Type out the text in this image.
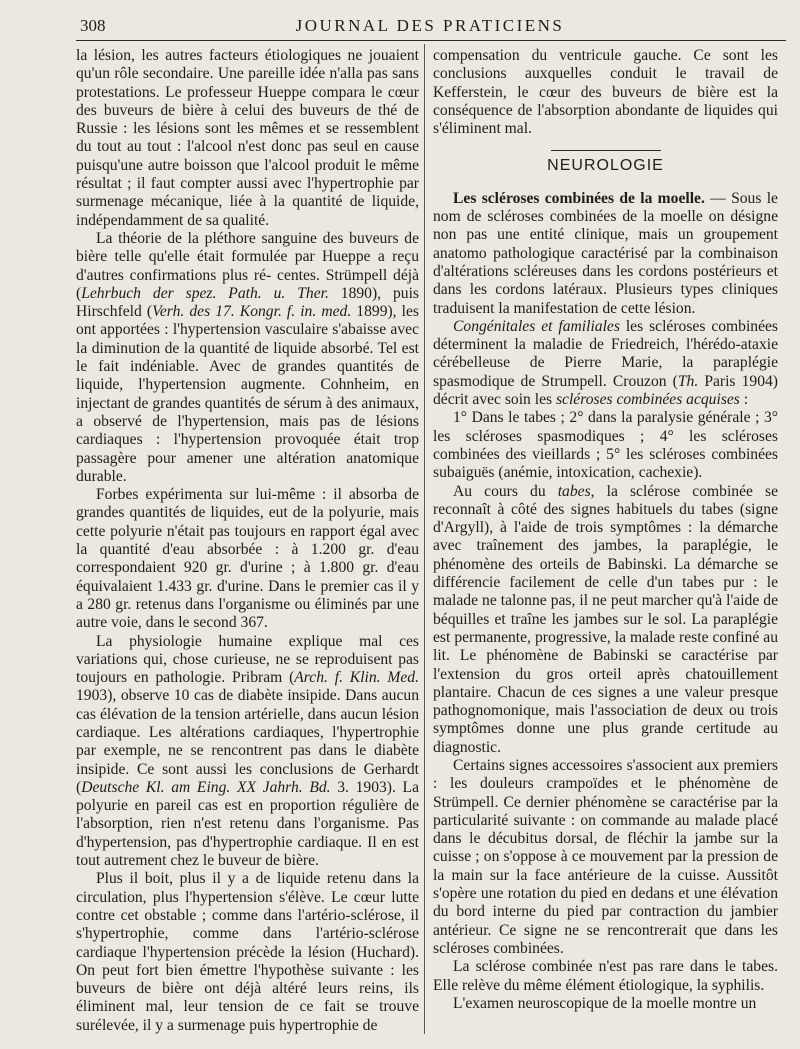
308	JOURNAL DES PRATICIENS

la lésion, les autres facteurs étiologiques ne jouaient qu'un rôle secondaire. Une pareille idée n'alla pas sans protestations. Le professeur Hueppe compara le cœur des buveurs de bière à celui des buveurs de thé de Russie : les lésions sont les mêmes et se ressemblent du tout au tout : l'alcool n'est donc pas seul en cause puisqu'une autre boisson que l'alcool produit le même résultat ; il faut compter aussi avec l'hypertrophie par surmenage mécanique, liée à la quantité de liquide, indépendamment de sa qualité.

La théorie de la pléthore sanguine des buveurs de bière telle qu'elle était formulée par Hueppe a reçu d'autres confirmations plus ré- centes. Strümpell déjà (Lehrbuch der spez. Path. u. Ther. 1890), puis Hirschfeld (Verh. des 17. Kongr. f. in. med. 1899), les ont apportées : l'hypertension vasculaire s'abaisse avec la diminution de la quantité de liquide absorbé. Tel est le fait indéniable. Avec de grandes quantités de liquide, l'hypertension augmente. Cohnheim, en injectant de grandes quantités de sérum à des animaux, a observé de l'hypertension, mais pas de lésions cardiaques : l'hypertension provoquée était trop passagère pour amener une altération anatomique durable.

Forbes expérimenta sur lui-même : il absorba de grandes quantités de liquides, eut de la polyurie, mais cette polyurie n'était pas toujours en rapport égal avec la quantité d'eau absorbée : à 1.200 gr. d'eau correspondaient 920 gr. d'urine ; à 1.800 gr. d'eau équivalaient 1.433 gr. d'urine. Dans le premier cas il y a 280 gr. retenus dans l'organisme ou éliminés par une autre voie, dans le second 367.

La physiologie humaine explique mal ces variations qui, chose curieuse, ne se reproduisent pas toujours en pathologie. Pribram (Arch. f. Klin. Med. 1903), observe 10 cas de diabète insipide. Dans aucun cas élévation de la tension artérielle, dans aucun lésion cardiaque. Les altérations cardiaques, l'hypertrophie par exemple, ne se rencontrent pas dans le diabète insipide. Ce sont aussi les conclusions de Gerhardt (Deutsche Kl. am Eing. XX Jahrh. Bd. 3. 1903). La polyurie en pareil cas est en proportion régulière de l'absorption, rien n'est retenu dans l'organisme. Pas d'hypertension, pas d'hypertrophie cardiaque. Il en est tout autrement chez le buveur de bière.

Plus il boit, plus il y a de liquide retenu dans la circulation, plus l'hypertension s'élève. Le cœur lutte contre cet obstable ; comme dans l'artério-sclérose, il s'hypertrophie, comme dans l'artério-sclérose cardiaque l'hypertension précède la lésion (Huchard). On peut fort bien émettre l'hypothèse suivante : les buveurs de bière ont déjà altéré leurs reins, ils éliminent mal, leur tension de ce fait se trouve surélevée, il y a surmenage puis hypertrophie de

compensation du ventricule gauche. Ce sont les conclusions auxquelles conduit le travail de Kefferstein, le cœur des buveurs de bière est la conséquence de l'absorption abondante de liquides qui s'éliminent mal.

NEUROLOGIE

Les scléroses combinées de la moelle. — Sous le nom de scléroses combinées de la moelle on désigne non pas une entité clinique, mais un groupement anatomo pathologique caractérisé par la combinaison d'altérations scléreuses dans les cordons postérieurs et dans les cordons latéraux. Plusieurs types cliniques traduisent la manifestation de cette lésion.

Congénitales et familiales les scléroses combinées déterminent la maladie de Friedreich, l'hérédo-ataxie cérébelleuse de Pierre Marie, la paraplégie spasmodique de Strumpell. Crouzon (Th. Paris 1904) décrit avec soin les scléroses combinées acquises :

1° Dans le tabes ; 2° dans la paralysie générale ; 3° les scléroses spasmodiques ; 4° les scléroses combinées des vieillards ; 5° les scléroses combinées subaiguës (anémie, intoxication, cachexie).

Au cours du tabes, la sclérose combinée se reconnaît à côté des signes habituels du tabes (signe d'Argyll), à l'aide de trois symptômes : la démarche avec traînement des jambes, la paraplégie, le phénomène des orteils de Babinski. La démarche se différencie facilement de celle d'un tabes pur : le malade ne talonne pas, il ne peut marcher qu'à l'aide de béquilles et traîne les jambes sur le sol. La paraplégie est permanente, progressive, la malade reste confiné au lit. Le phénomène de Babinski se caractérise par l'extension du gros orteil après chatouillement plantaire. Chacun de ces signes a une valeur presque pathognomonique, mais l'association de deux ou trois symptômes donne une plus grande certitude au diagnostic.

Certains signes accessoires s'associent aux premiers : les douleurs crampoïdes et le phénomène de Strümpell. Ce dernier phénomène se caractérise par la particularité suivante : on commande au malade placé dans le décubitus dorsal, de fléchir la jambe sur la cuisse ; on s'oppose à ce mouvement par la pression de la main sur la face antérieure de la cuisse. Aussitôt s'opère une rotation du pied en dedans et une élévation du bord interne du pied par contraction du jambier antérieur. Ce signe ne se rencontrerait que dans les scléroses combinées.

La sclérose combinée n'est pas rare dans le tabes. Elle relève du même élément étiologique, la syphilis.

L'examen neuroscopique de la moelle montre un
